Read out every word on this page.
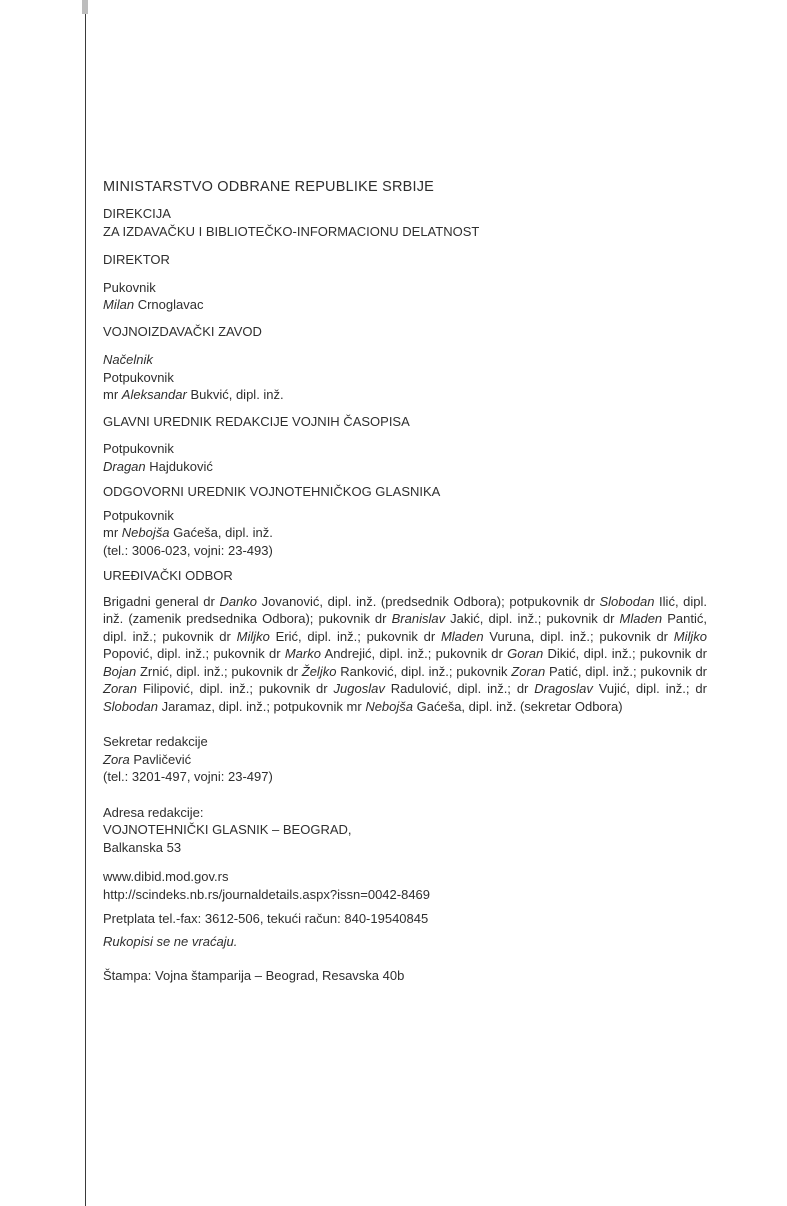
MINISTARSTVO ODBRANE REPUBLIKE SRBIJE
DIREKCIJA
ZA IZDAVAČKU I BIBLIOTEČKO-INFORMACIONU DELATNOST
DIREKTOR
Pukovnik
Milan Crnoglavac
VOJNOIZDAVAČKI ZAVOD
Načelnik
Potpukovnik
mr Aleksandar Bukvić, dipl. inž.
GLAVNI UREDNIK REDAKCIJE VOJNIH ČASOPISA
Potpukovnik
Dragan Hajduković
ODGOVORNI UREDNIK VOJNOTEHNIČKOG GLASNIKA
Potpukovnik
mr Nebojša Gaćeša, dipl. inž.
(tel.: 3006-023, vojni: 23-493)
UREĐIVAČKI ODBOR
Brigadni general dr Danko Jovanović, dipl. inž. (predsednik Odbora); potpukovnik dr Slobodan Ilić, dipl. inž. (zamenik predsednika Odbora); pukovnik dr Branislav Jakić, dipl. inž.; pukovnik dr Mladen Pantić, dipl. inž.; pukovnik dr Miljko Erić, dipl. inž.; pukovnik dr Mladen Vuruna, dipl. inž.; pukovnik dr Miljko Popović, dipl. inž.; pukovnik dr Marko Andrejić, dipl. inž.; pukovnik dr Goran Dikić, dipl. inž.; pukovnik dr Bojan Zrnić, dipl. inž.; pukovnik dr Željko Ranković, dipl. inž.; pukovnik Zoran Patić, dipl. inž.; pukovnik dr Zoran Filipović, dipl. inž.; pukovnik dr Jugoslav Radulović, dipl. inž.; dr Dragoslav Vujić, dipl. inž.; dr Slobodan Jaramaz, dipl. inž.; potpukovnik mr Nebojša Gaćeša, dipl. inž. (sekretar Odbora)
Sekretar redakcije
Zora Pavličević
(tel.: 3201-497, vojni: 23-497)
Adresa redakcije:
VOJNOTEHNIČKI GLASNIK – BEOGRAD,
Balkanska 53
www.dibid.mod.gov.rs
http://scindeks.nb.rs/journaldetails.aspx?issn=0042-8469
Pretplata tel.-fax: 3612-506, tekući račun: 840-19540845
Rukopisi se ne vraćaju.
Štampa: Vojna štamparija – Beograd, Resavska 40b
